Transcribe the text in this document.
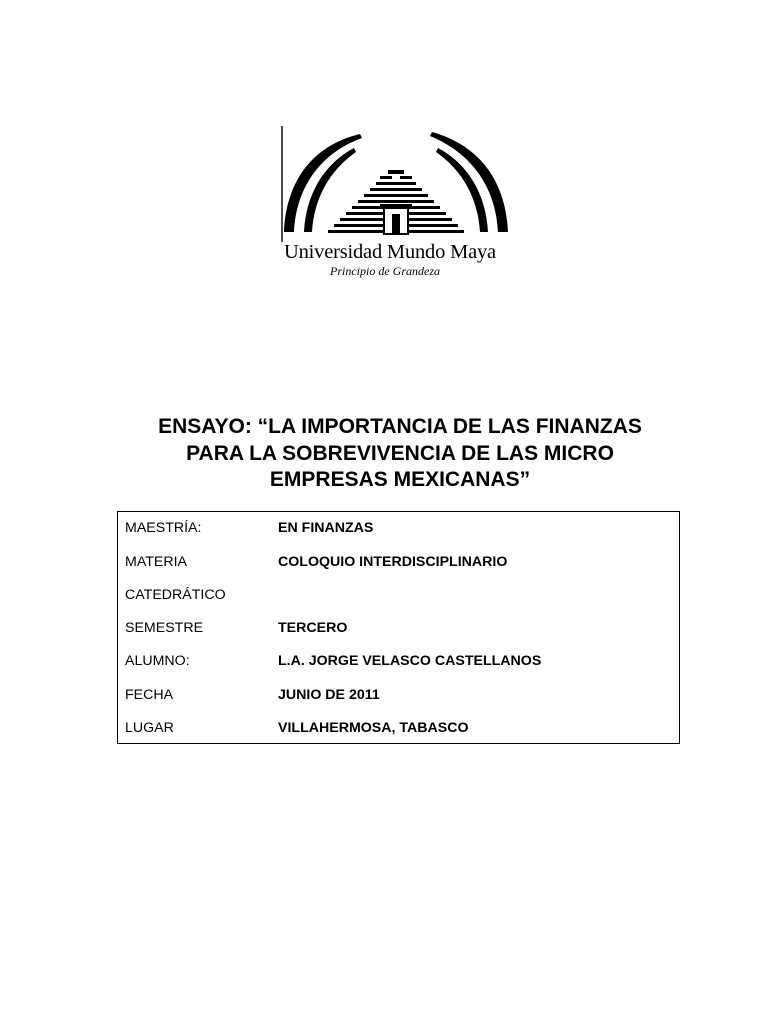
Universidad Mundo Maya
Principio de Grandeza
ENSAYO: “LA IMPORTANCIA DE LAS FINANZAS
PARA LA SOBREVIVENCIA DE LAS MICRO
EMPRESAS MEXICANAS”
MAESTRÍA:	EN FINANZAS
MATERIA	COLOQUIO INTERDISCIPLINARIO
CATEDRÁTICO
SEMESTRE	TERCERO
ALUMNO:	L.A. JORGE VELASCO CASTELLANOS
FECHA	JUNIO DE 2011
LUGAR	VILLAHERMOSA, TABASCO
